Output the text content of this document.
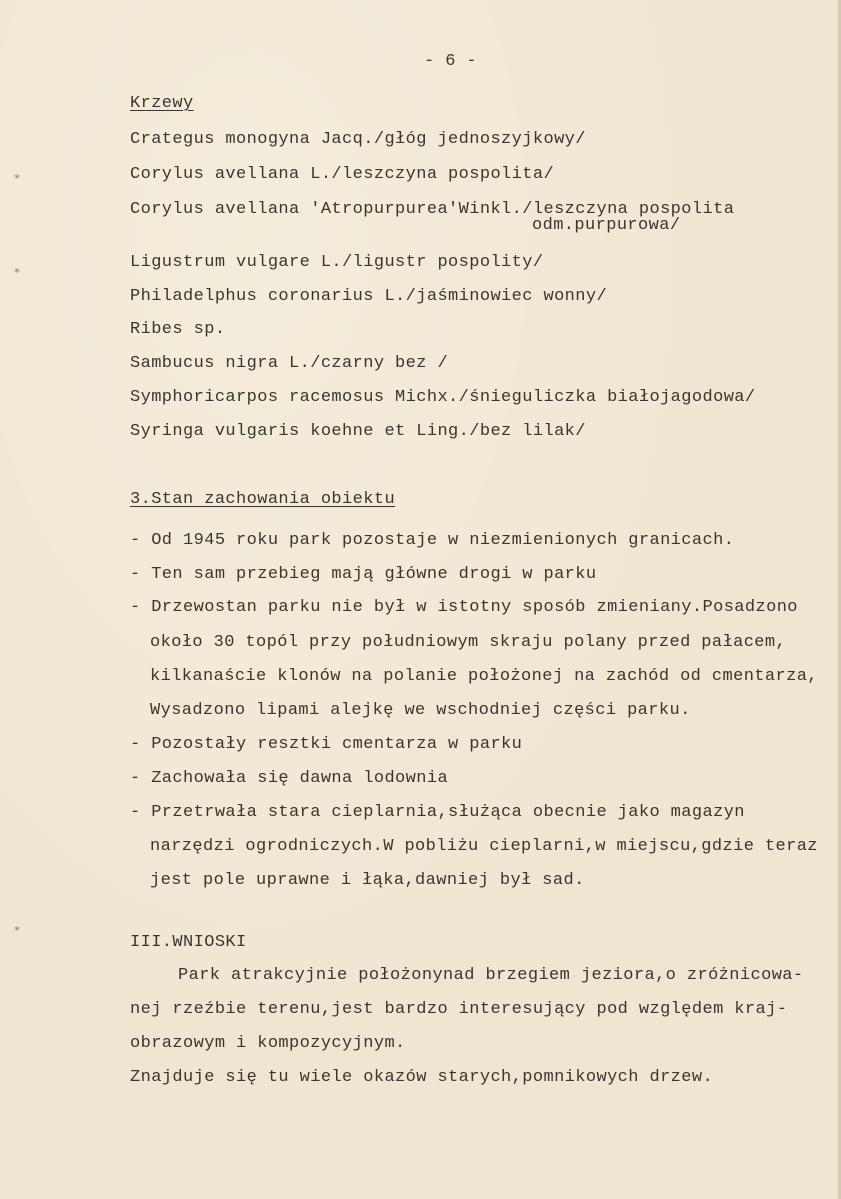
⁎
⁎
⁎
- 6 -
Krzewy
Crategus monogyna Jacq./głóg jednoszyjkowy/
Corylus avellana L./leszczyna pospolita/
Corylus avellana 'Atropurpurea'Winkl./leszczyna pospolita
odm.purpurowa/
Ligustrum vulgare L./ligustr pospolity/
Philadelphus coronarius L./jaśminowiec wonny/
Ribes sp.
Sambucus nigra L./czarny bez /
Symphoricarpos racemosus Michx./śnieguliczka białojagodowa/
Syringa vulgaris koehne et Ling./bez lilak/
3.Stan zachowania obiektu
- Od 1945 roku park pozostaje w niezmienionych granicach.
- Ten sam przebieg mają główne drogi w parku
- Drzewostan parku nie był w istotny sposób zmieniany.Posadzono
około 30 topól przy południowym skraju polany przed pałacem,
kilkanaście klonów na polanie położonej na zachód od cmentarza,
Wysadzono lipami alejkę we wschodniej części parku.
- Pozostały resztki cmentarza w parku
- Zachowała się dawna lodownia
- Przetrwała stara cieplarnia,służąca obecnie jako magazyn
narzędzi ogrodniczych.W pobliżu cieplarni,w miejscu,gdzie teraz
jest pole uprawne i łąka,dawniej był sad.
III.WNIOSKI
Park atrakcyjnie położonynad brzegiem jeziora,o zróżnicowa-
nej rzeźbie terenu,jest bardzo interesujący pod względem kraj-
obrazowym i kompozycyjnym.
Znajduje się tu wiele okazów starych,pomnikowych drzew.
